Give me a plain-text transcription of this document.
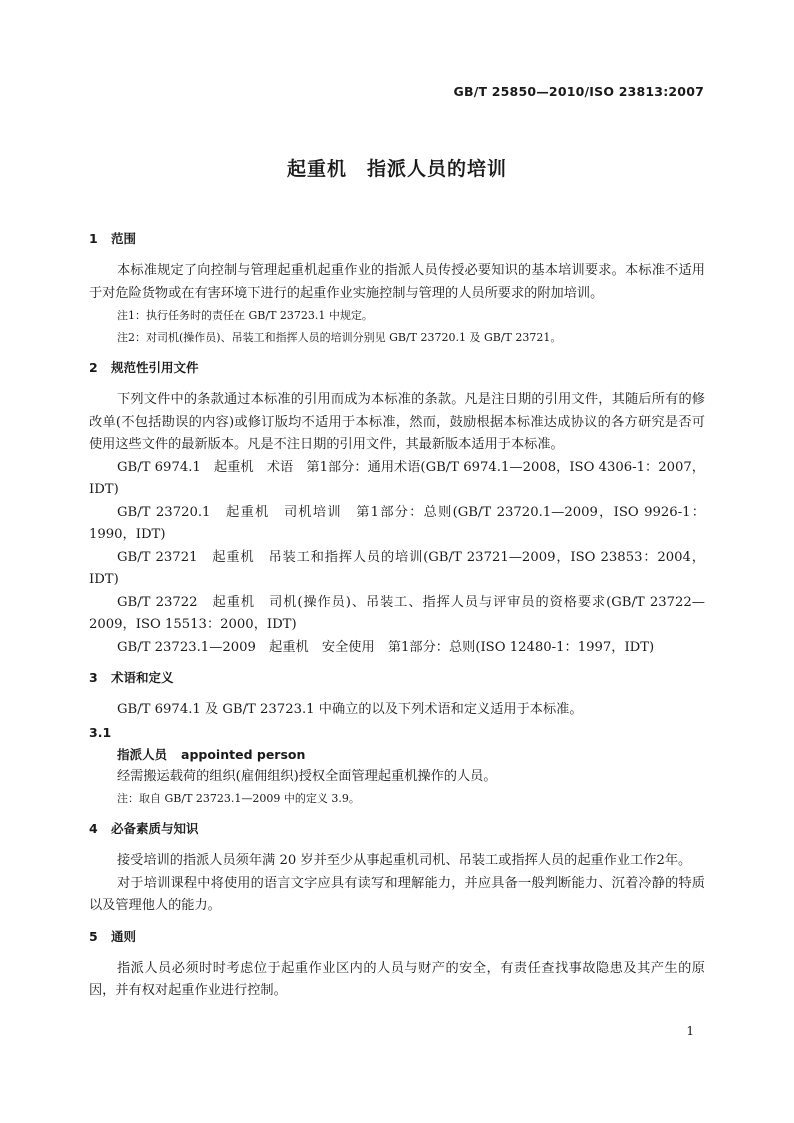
GB/T 25850—2010/ISO 23813:2007
起重机 指派人员的培训
1 范围

本标准规定了向控制与管理起重机起重作业的指派人员传授必要知识的基本培训要求。本标准不适用于对危险货物或在有害环境下进行的起重作业实施控制与管理的人员所要求的附加培训。

注1：执行任务时的责任在 GB/T 23723.1 中规定。

注2：对司机(操作员)、吊装工和指挥人员的培训分别见 GB/T 23720.1 及 GB/T 23721。

2 规范性引用文件

下列文件中的条款通过本标准的引用而成为本标准的条款。凡是注日期的引用文件，其随后所有的修改单(不包括勘误的内容)或修订版均不适用于本标准，然而，鼓励根据本标准达成协议的各方研究是否可使用这些文件的最新版本。凡是不注日期的引用文件，其最新版本适用于本标准。

GB/T 6974.1　起重机　术语　第1部分：通用术语(GB/T 6974.1—2008，ISO 4306-1：2007，IDT)

GB/T 23720.1　起重机　司机培训　第1部分：总则(GB/T 23720.1—2009，ISO 9926-1：1990，IDT)

GB/T 23721　起重机　吊装工和指挥人员的培训(GB/T 23721—2009，ISO 23853：2004，IDT)

GB/T 23722　起重机　司机(操作员)、吊装工、指挥人员与评审员的资格要求(GB/T 23722—2009，ISO 15513：2000，IDT)

GB/T 23723.1—2009　起重机　安全使用　第1部分：总则(ISO 12480-1：1997，IDT)

3 术语和定义

GB/T 6974.1 及 GB/T 23723.1 中确立的以及下列术语和定义适用于本标准。

3.1

指派人员 appointed person

经需搬运载荷的组织(雇佣组织)授权全面管理起重机操作的人员。

注：取自 GB/T 23723.1—2009 中的定义 3.9。

4 必备素质与知识

接受培训的指派人员须年满 20 岁并至少从事起重机司机、吊装工或指挥人员的起重作业工作2年。

对于培训课程中将使用的语言文字应具有读写和理解能力，并应具备一般判断能力、沉着冷静的特质以及管理他人的能力。

5 通则

指派人员必须时时考虑位于起重作业区内的人员与财产的安全，有责任查找事故隐患及其产生的原因，并有权对起重作业进行控制。

1
